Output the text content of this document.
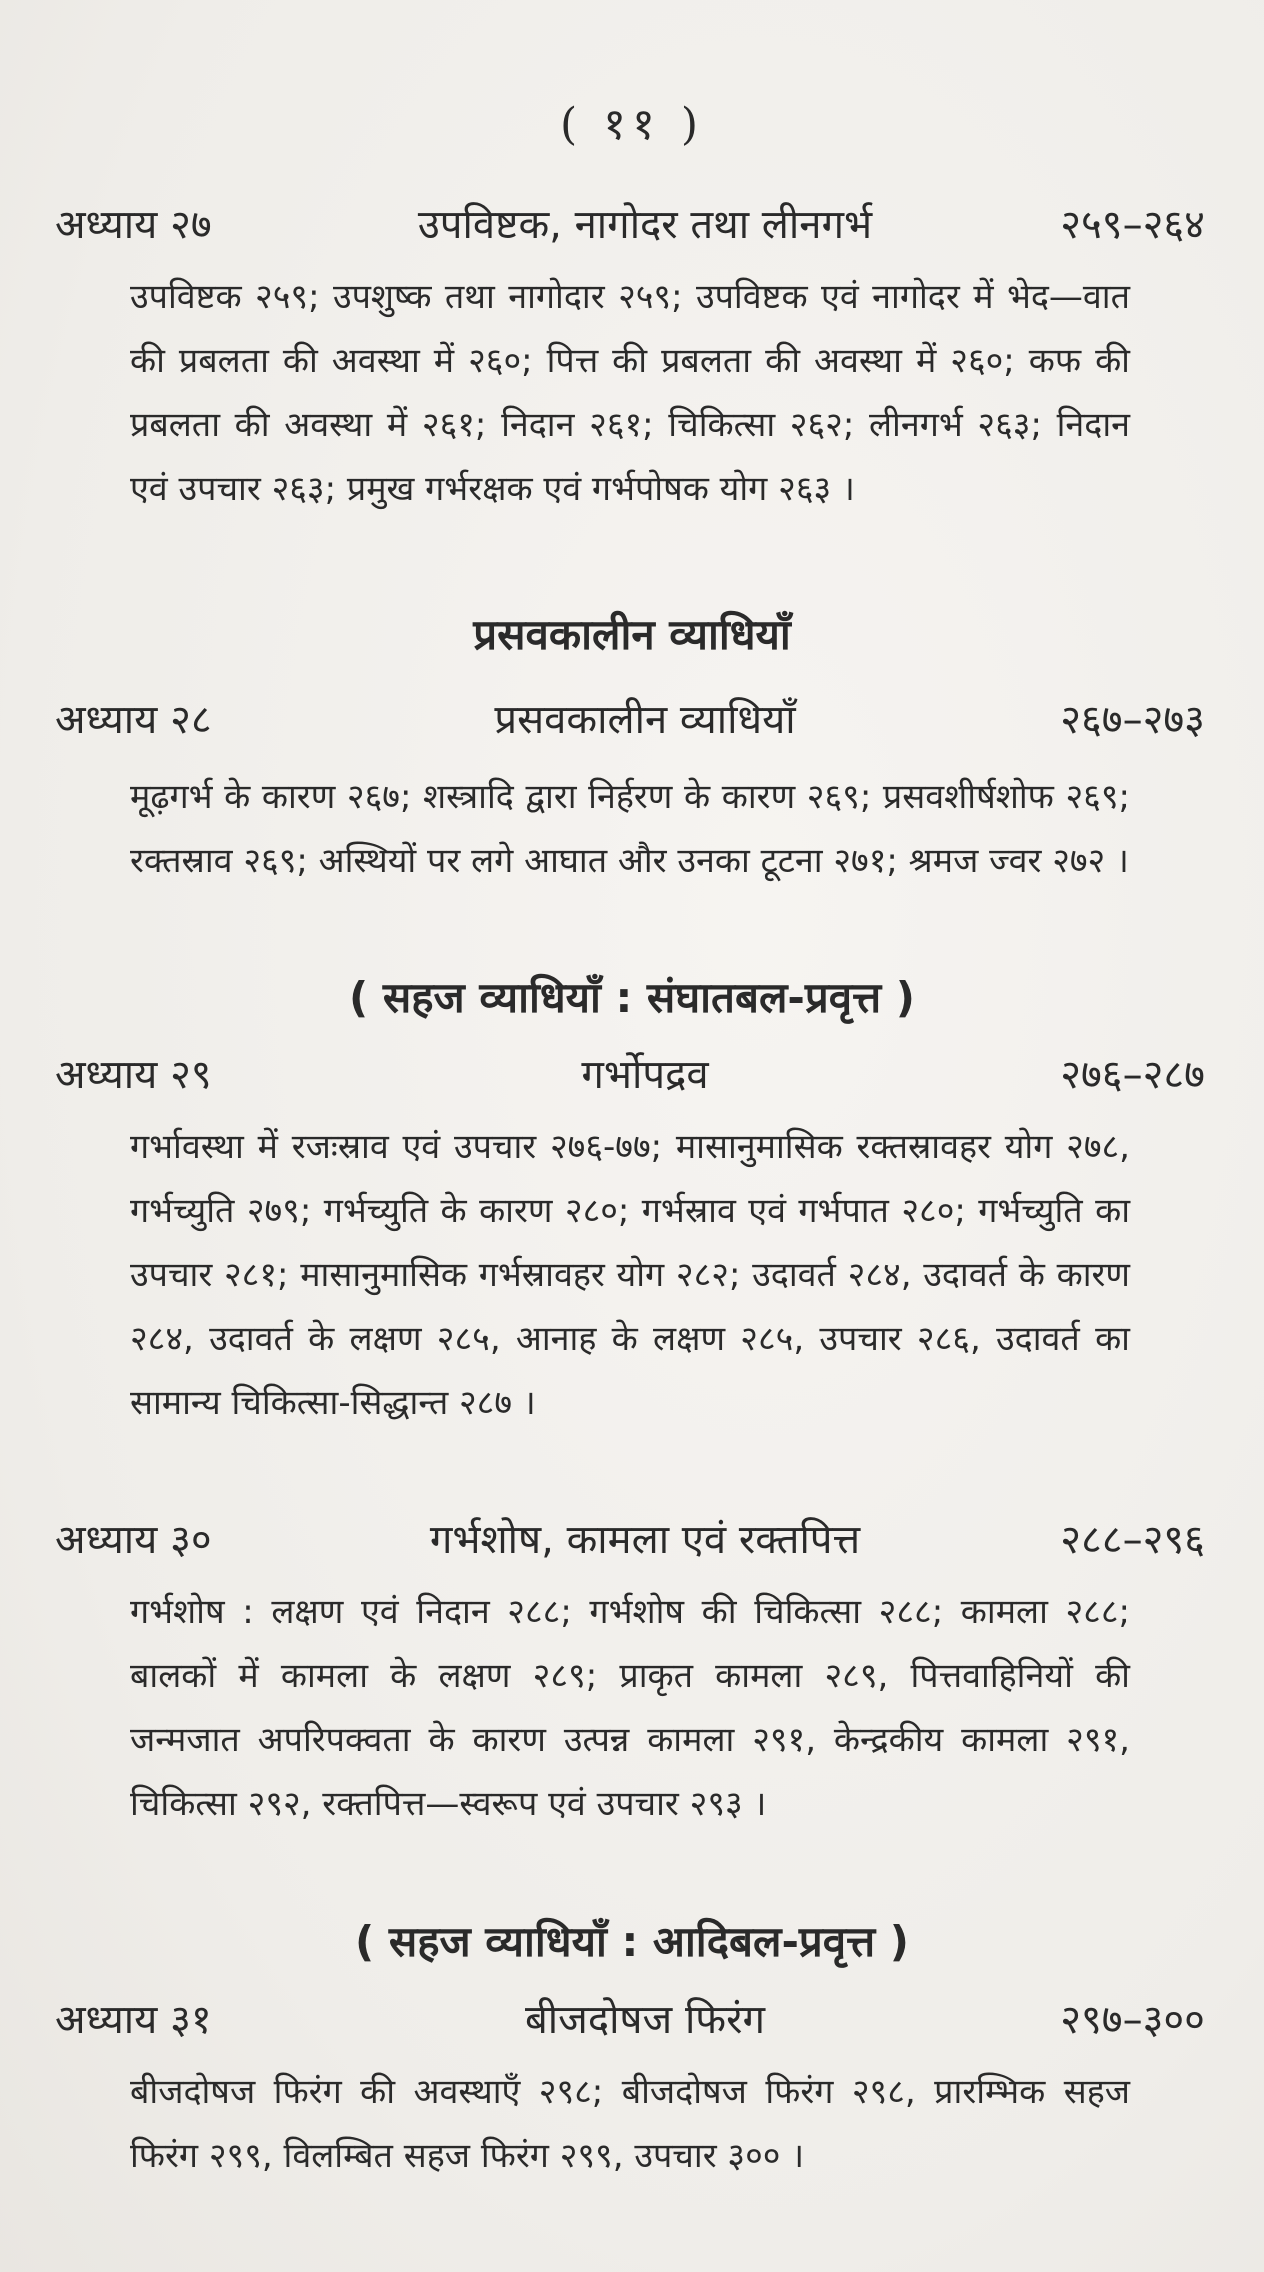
( ११ )
अध्याय २७	उपविष्टक, नागोदर तथा लीनगर्भ	२५९–२६४
उपविष्टक २५९; उपशुष्क तथा नागोदार २५९; उपविष्टक एवं नागोदर में भेद—वात की प्रबलता की अवस्था में २६०; पित्त की प्रबलता की अवस्था में २६०; कफ की प्रबलता की अवस्था में २६१; निदान २६१; चिकित्सा २६२; लीनगर्भ २६३; निदान एवं उपचार २६३; प्रमुख गर्भरक्षक एवं गर्भपोषक योग २६३ ।
प्रसवकालीन व्याधियाँ
अध्याय २८	प्रसवकालीन व्याधियाँ	२६७–२७३
मूढ़गर्भ के कारण २६७; शस्त्रादि द्वारा निर्हरण के कारण २६९; प्रसवशीर्षशोफ २६९; रक्तस्राव २६९; अस्थियों पर लगे आघात और उनका टूटना २७१; श्रमज ज्वर २७२ ।
( सहज व्याधियाँ : संघातबल-प्रवृत्त )
अध्याय २९	गर्भोपद्रव	२७६–२८७
गर्भावस्था में रजःस्राव एवं उपचार २७६-७७; मासानुमासिक रक्तस्रावहर योग २७८, गर्भच्युति २७९; गर्भच्युति के कारण २८०; गर्भस्राव एवं गर्भपात २८०; गर्भच्युति का उपचार २८१; मासानुमासिक गर्भस्रावहर योग २८२; उदावर्त २८४, उदावर्त के कारण २८४, उदावर्त के लक्षण २८५, आनाह के लक्षण २८५, उपचार २८६, उदावर्त का सामान्य चिकित्सा-सिद्धान्त २८७ ।
अध्याय ३०	गर्भशोष, कामला एवं रक्तपित्त	२८८–२९६
गर्भशोष : लक्षण एवं निदान २८८; गर्भशोष की चिकित्सा २८८; कामला २८८; बालकों में कामला के लक्षण २८९; प्राकृत कामला २८९, पित्तवाहिनियों की जन्मजात अपरिपक्वता के कारण उत्पन्न कामला २९१, केन्द्रकीय कामला २९१, चिकित्सा २९२, रक्तपित्त—स्वरूप एवं उपचार २९३ ।
( सहज व्याधियाँ : आदिबल-प्रवृत्त )
अध्याय ३१	बीजदोषज फिरंग	२९७–३००
बीजदोषज फिरंग की अवस्थाएँ २९८; बीजदोषज फिरंग २९८, प्रारम्भिक सहज फिरंग २९९, विलम्बित सहज फिरंग २९९, उपचार ३०० ।
